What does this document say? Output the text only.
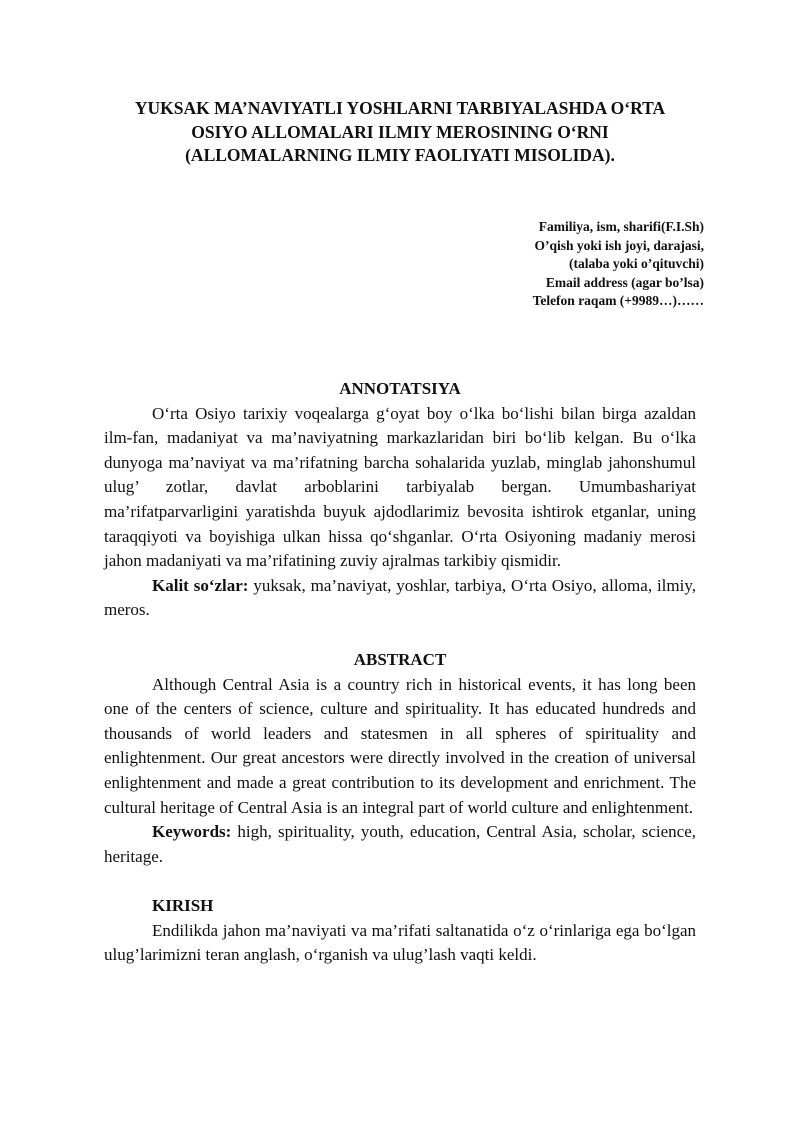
YUKSAK MA’NAVIYATLI YOSHLARNI TARBIYALASHDA O‘RTA
OSIYO ALLOMALARI ILMIY MEROSINING O‘RNI
(ALLOMALARNING ILMIY FAOLIYATI MISOLIDA).
Familiya, ism, sharifi(F.I.Sh)
O’qish yoki ish joyi, darajasi,
(talaba yoki o’qituvchi)
Email address (agar bo’lsa)
Telefon raqam (+9989…)……

ANNOTATSIYA

O‘rta Osiyo tarixiy voqealarga g‘oyat boy o‘lka bo‘lishi bilan birga azaldan ilm-fan, madaniyat va ma’naviyatning markazlaridan biri bo‘lib kelgan. Bu o‘lka dunyoga ma’naviyat va ma’rifatning barcha sohalarida yuzlab, minglab jahonshumul ulug’ zotlar, davlat arboblarini tarbiyalab bergan. Umumbashariyat ma’rifatparvarligini yaratishda buyuk ajdodlarimiz bevosita ishtirok etganlar, uning taraqqiyoti va boyishiga ulkan hissa qo‘shganlar. O‘rta Osiyoning madaniy merosi jahon madaniyati va ma’rifatining zuviy ajralmas tarkibiy qismidir.

Kalit so‘zlar: yuksak, ma’naviyat, yoshlar, tarbiya, O‘rta Osiyo, alloma, ilmiy, meros.

ABSTRACT

Although Central Asia is a country rich in historical events, it has long been one of the centers of science, culture and spirituality. It has educated hundreds and thousands of world leaders and statesmen in all spheres of spirituality and enlightenment. Our great ancestors were directly involved in the creation of universal enlightenment and made a great contribution to its development and enrichment. The cultural heritage of Central Asia is an integral part of world culture and enlightenment.

Keywords: high, spirituality, youth, education, Central Asia, scholar, science, heritage.

KIRISH

Endilikda jahon ma’naviyati va ma’rifati saltanatida o‘z o‘rinlariga ega bo‘lgan ulug’larimizni teran anglash, o‘rganish va ulug’lash vaqti keldi.
